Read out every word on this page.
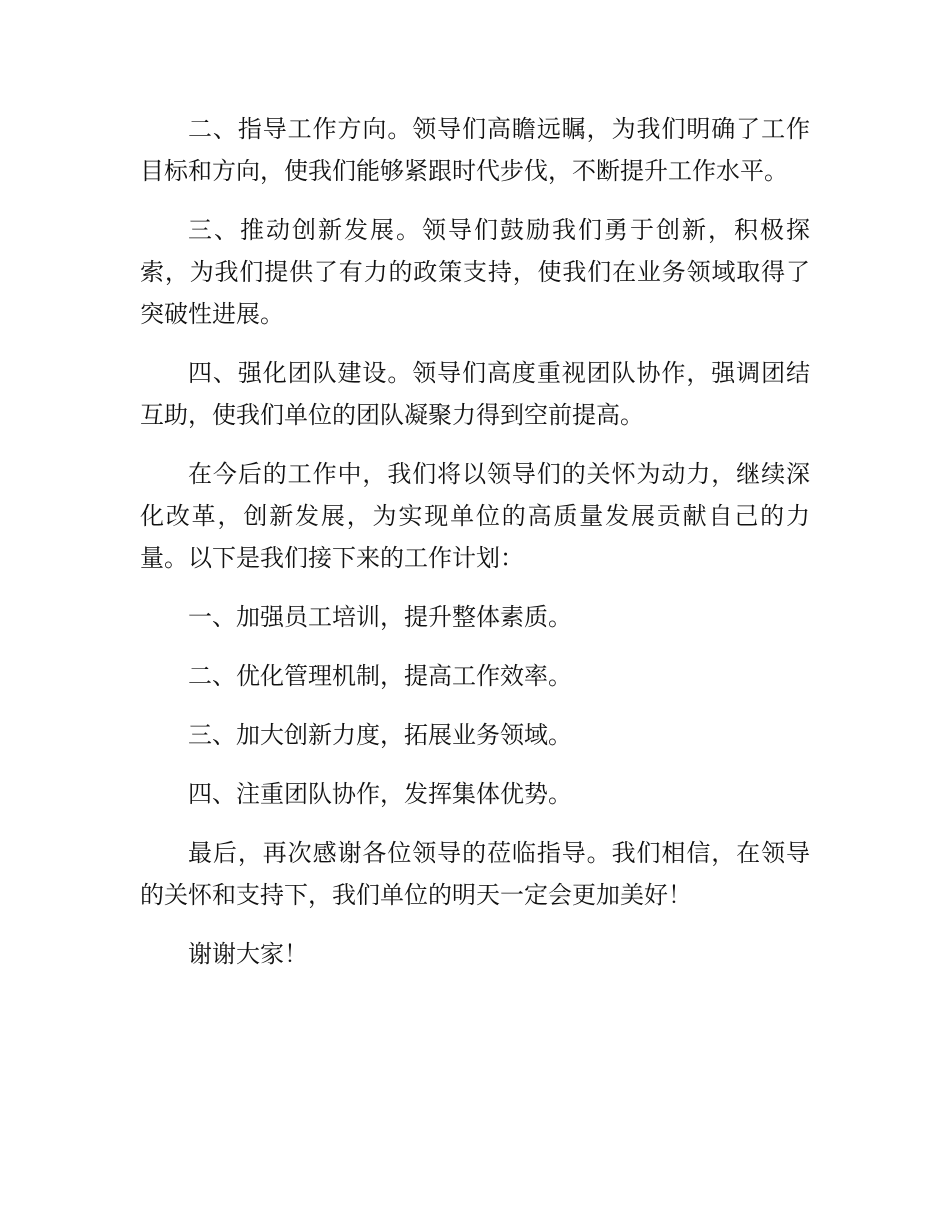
二、指导工作方向。领导们高瞻远瞩，为我们明确了工作目标和方向，使我们能够紧跟时代步伐，不断提升工作水平。

三、推动创新发展。领导们鼓励我们勇于创新，积极探索，为我们提供了有力的政策支持，使我们在业务领域取得了突破性进展。

四、强化团队建设。领导们高度重视团队协作，强调团结互助，使我们单位的团队凝聚力得到空前提高。

在今后的工作中，我们将以领导们的关怀为动力，继续深化改革，创新发展，为实现单位的高质量发展贡献自己的力量。以下是我们接下来的工作计划：

一、加强员工培训，提升整体素质。

二、优化管理机制，提高工作效率。

三、加大创新力度，拓展业务领域。

四、注重团队协作，发挥集体优势。

最后，再次感谢各位领导的莅临指导。我们相信，在领导的关怀和支持下，我们单位的明天一定会更加美好！

谢谢大家！
